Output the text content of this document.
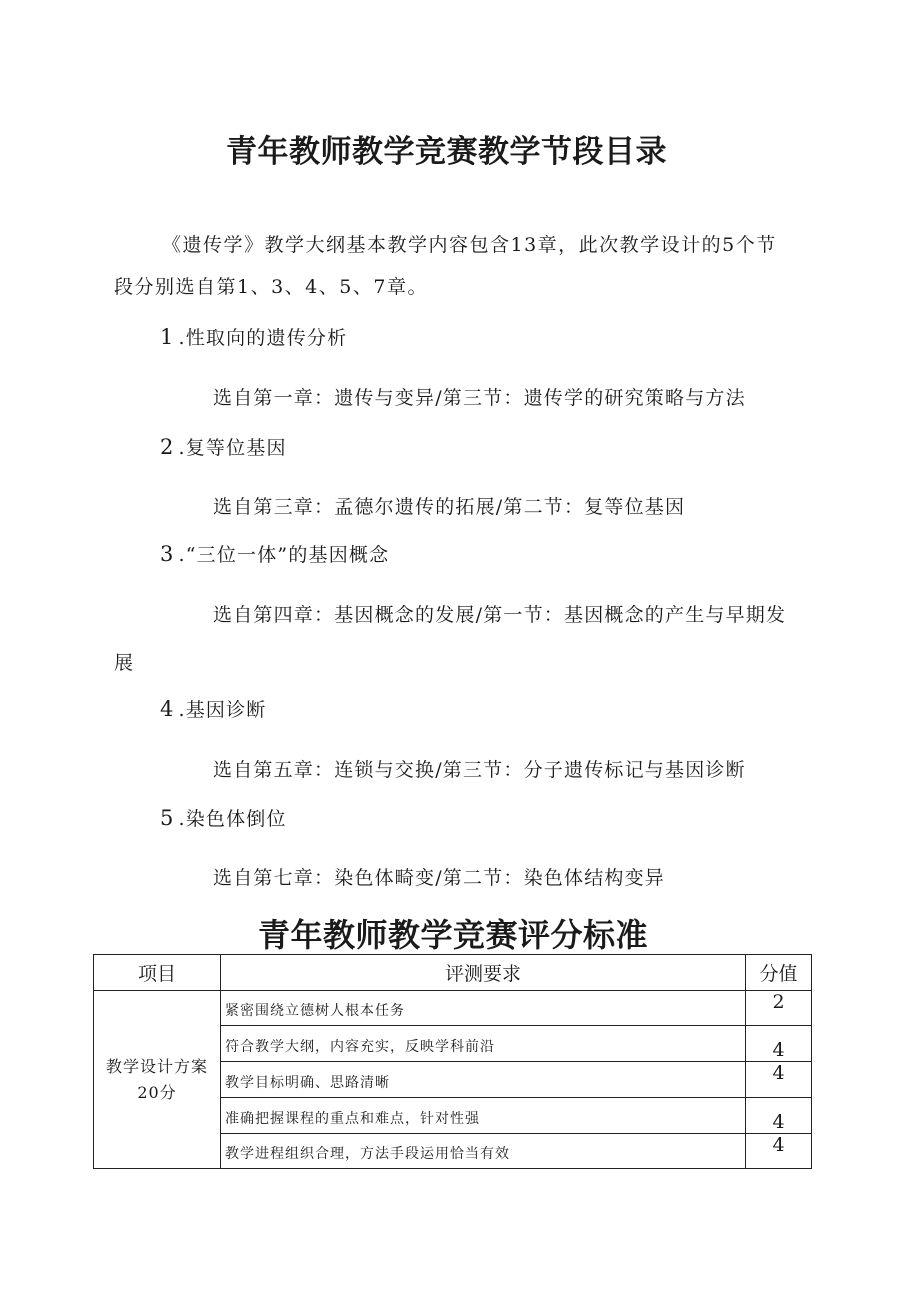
青年教师教学竞赛教学节段目录
《遗传学》教学大纲基本教学内容包含13章，此次教学设计的5个节
段分别选自第1、3、4、5、7章。
1 .性取向的遗传分析
选自第一章：遗传与变异/第三节：遗传学的研究策略与方法
2 .复等位基因
选自第三章：孟德尔遗传的拓展/第二节：复等位基因
3 .“三位一体”的基因概念
选自第四章：基因概念的发展/第一节：基因概念的产生与早期发
展
4 .基因诊断
选自第五章：连锁与交换/第三节：分子遗传标记与基因诊断
5 .染色体倒位
选自第七章：染色体畸变/第二节：染色体结构变异
青年教师教学竞赛评分标准
项目	评测要求	分值

教学设计方案
20分	紧密围绕立德树人根本任务	2
	符合教学大纲，内容充实，反映学科前沿	4
	教学目标明确、思路清晰	4
	准确把握课程的重点和难点，针对性强	4
	教学进程组织合理，方法手段运用恰当有效	4
